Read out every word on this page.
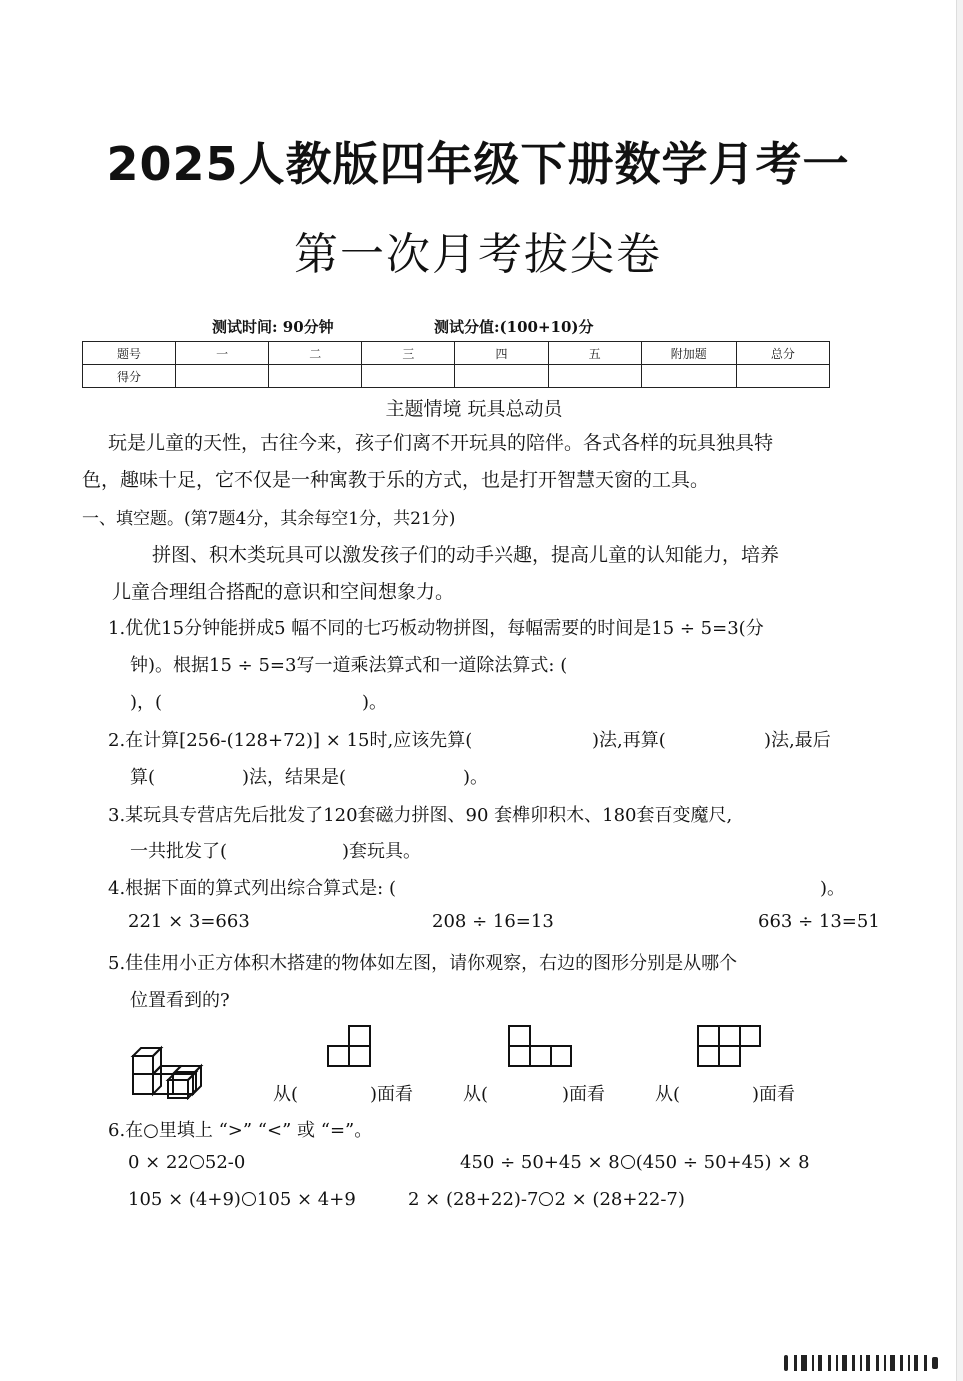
2025人教版四年级下册数学月考一
第一次月考拔尖卷
测试时间: 90分钟	测试分值:(100+10)分
题号	一	二	三	四	五	附加题	总分
得分							
主题情境 玩具总动员
玩是儿童的天性，古往今来，孩子们离不开玩具的陪伴。各式各样的玩具独具特
色，趣味十足，它不仅是一种寓教于乐的方式，也是打开智慧天窗的工具。
一、填空题。(第7题4分，其余每空1分，共21分)
拼图、积木类玩具可以激发孩子们的动手兴趣，提高儿童的认知能力，培养
儿童合理组合搭配的意识和空间想象力。
1.优优15分钟能拼成5 幅不同的七巧板动物拼图，每幅需要的时间是15 ÷ 5=3(分
钟)。根据15 ÷ 5=3写一道乘法算式和一道除法算式: (
)，(	)。
2.在计算[256-(128+72)] × 15时,应该先算(	)法,再算(	)法,最后
算(	)法，结果是(	)。
3.某玩具专营店先后批发了120套磁力拼图、90 套榫卯积木、180套百变魔尺,
一共批发了(	)套玩具。
4.根据下面的算式列出综合算式是: (	)。
221 × 3=663	208 ÷ 16=13	663 ÷ 13=51
5.佳佳用小正方体积木搭建的物体如左图，请你观察，右边的图形分别是从哪个
位置看到的?
从(	)面看	从(	)面看	从(	)面看
6.在○里填上 “>” “<” 或 “=”。
0 × 22 52-0	450 ÷ 50+45 × 8 (450 ÷ 50+45) × 8
105 × (4+9) 105 × 4+9	2 × (28+22)-7 2 × (28+22-7)
